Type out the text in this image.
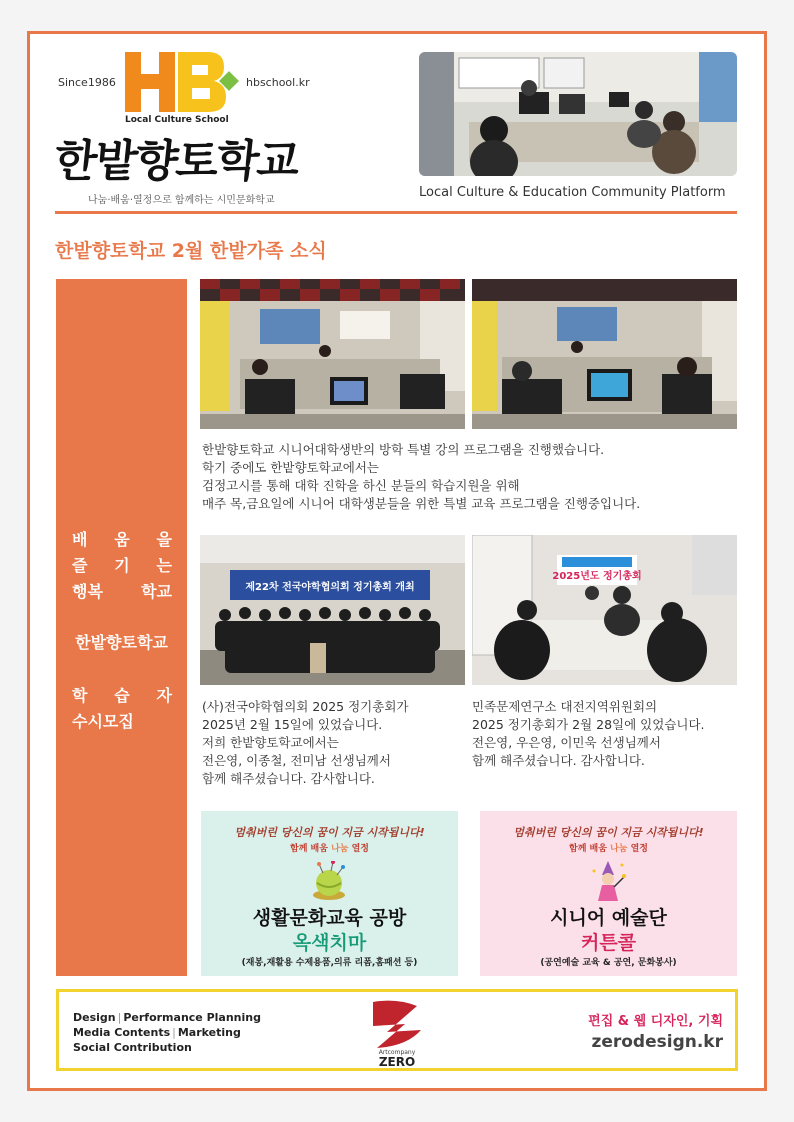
Since1986	hbschool.kr
Local Culture School
한밭향토학교
나눔·배움·열정으로 함께하는 시민문화학교
Local Culture & Education Community Platform
한밭향토학교 2월 한밭가족 소식
배 움 을
즐 기 는
행복 학교
한밭향토학교
학 습 자
수시모집
한밭향토학교 시니어대학생반의 방학 특별 강의 프로그램을 진행했습니다.
학기 중에도 한밭향토학교에서는
검정고시를 통해 대학 진학을 하신 분들의 학습지원을 위해
매주 목,금요일에 시니어 대학생분들을 위한 특별 교육 프로그램을 진행중입니다.
제22차 전국야학협의회 정기총회 개최
2025년도 정기총회
(사)전국야학협의회 2025 정기총회가
2025년 2월 15일에 있었습니다.
저희 한밭향토학교에서는
전은영, 이종철, 전미남 선생님께서
함께 해주셨습니다. 감사합니다.
민족문제연구소 대전지역위원회의
2025 정기총회가 2월 28일에 있었습니다.
전은영, 우은영, 이민욱 선생님께서
함께 해주셨습니다. 감사합니다.
멈춰버린 당신의 꿈이 지금 시작됩니다!
함께 배움 나눔 열정
생활문화교육 공방
옥색치마
(재봉,재활용 수제용품,의류 리폼,홈패션 등)
멈춰버린 당신의 꿈이 지금 시작됩니다!
함께 배움 나눔 열정
시니어 예술단
커튼콜
(공연예술 교육 & 공연, 문화봉사)
Design | Performance Planning
Media Contents | Marketing
Social Contribution	Artcompany
ZERO
편집 & 웹 디자인, 기획
zerodesign.kr
